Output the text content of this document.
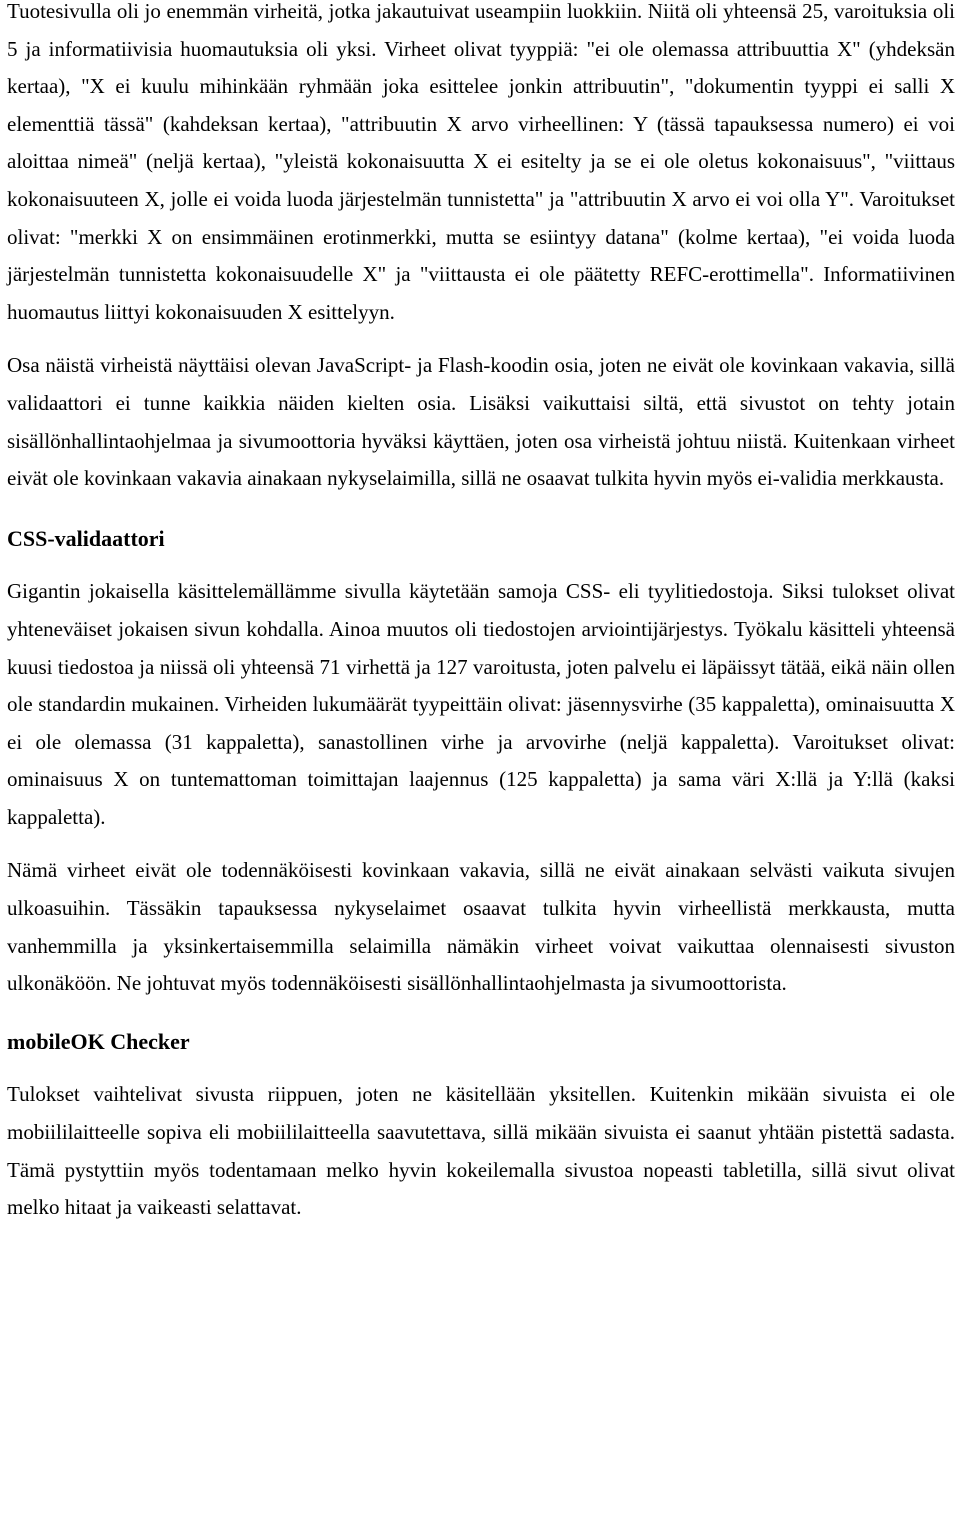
Tuotesivulla oli jo enemmän virheitä, jotka jakautuivat useampiin luokkiin. Niitä oli yhteensä 25, varoituksia oli 5 ja informatiivisia huomautuksia oli yksi. Virheet olivat tyyppiä: "ei ole olemassa attribuuttia X" (yhdeksän kertaa), "X ei kuulu mihinkään ryhmään joka esittelee jonkin attribuutin", "dokumentin tyyppi ei salli X elementtiä tässä" (kahdeksan kertaa), "attribuutin X arvo virheellinen: Y (tässä tapauksessa numero) ei voi aloittaa nimeä" (neljä kertaa), "yleistä kokonaisuutta X ei esitelty ja se ei ole oletus kokonaisuus", "viittaus kokonaisuuteen X, jolle ei voida luoda järjestelmän tunnistetta" ja "attribuutin X arvo ei voi olla Y". Varoitukset olivat: "merkki X on ensimmäinen erotinmerkki, mutta se esiintyy datana" (kolme kertaa), "ei voida luoda järjestelmän tunnistetta kokonaisuudelle X" ja "viittausta ei ole päätetty REFC-erottimella". Informatiivinen huomautus liittyi kokonaisuuden X esittelyyn.

Osa näistä virheistä näyttäisi olevan JavaScript- ja Flash-koodin osia, joten ne eivät ole kovinkaan vakavia, sillä validaattori ei tunne kaikkia näiden kielten osia. Lisäksi vaikuttaisi siltä, että sivustot on tehty jotain sisällönhallintaohjelmaa ja sivumoottoria hyväksi käyttäen, joten osa virheistä johtuu niistä. Kuitenkaan virheet eivät ole kovinkaan vakavia ainakaan nykyselaimilla, sillä ne osaavat tulkita hyvin myös ei-validia merkkausta.

CSS-validaattori

Gigantin jokaisella käsittelemällämme sivulla käytetään samoja CSS- eli tyylitiedostoja. Siksi tulokset olivat yhteneväiset jokaisen sivun kohdalla. Ainoa muutos oli tiedostojen arviointijärjestys. Työkalu käsitteli yhteensä kuusi tiedostoa ja niissä oli yhteensä 71 virhettä ja 127 varoitusta, joten palvelu ei läpäissyt tätää, eikä näin ollen ole standardin mukainen. Virheiden lukumäärät tyypeittäin olivat: jäsennysvirhe (35 kappaletta), ominaisuutta X ei ole olemassa (31 kappaletta), sanastollinen virhe ja arvovirhe (neljä kappaletta). Varoitukset olivat: ominaisuus X on tuntemattoman toimittajan laajennus (125 kappaletta) ja sama väri X:llä ja Y:llä (kaksi kappaletta).

Nämä virheet eivät ole todennäköisesti kovinkaan vakavia, sillä ne eivät ainakaan selvästi vaikuta sivujen ulkoasuihin. Tässäkin tapauksessa nykyselaimet osaavat tulkita hyvin virheellistä merkkausta, mutta vanhemmilla ja yksinkertaisemmilla selaimilla nämäkin virheet voivat vaikuttaa olennaisesti sivuston ulkonäköön. Ne johtuvat myös todennäköisesti sisällönhallintaohjelmasta ja sivumoottorista.

mobileOK Checker

Tulokset vaihtelivat sivusta riippuen, joten ne käsitellään yksitellen. Kuitenkin mikään sivuista ei ole mobiililaitteelle sopiva eli mobiililaitteella saavutettava, sillä mikään sivuista ei saanut yhtään pistettä sadasta. Tämä pystyttiin myös todentamaan melko hyvin kokeilemalla sivustoa nopeasti tabletilla, sillä sivut olivat melko hitaat ja vaikeasti selattavat.
